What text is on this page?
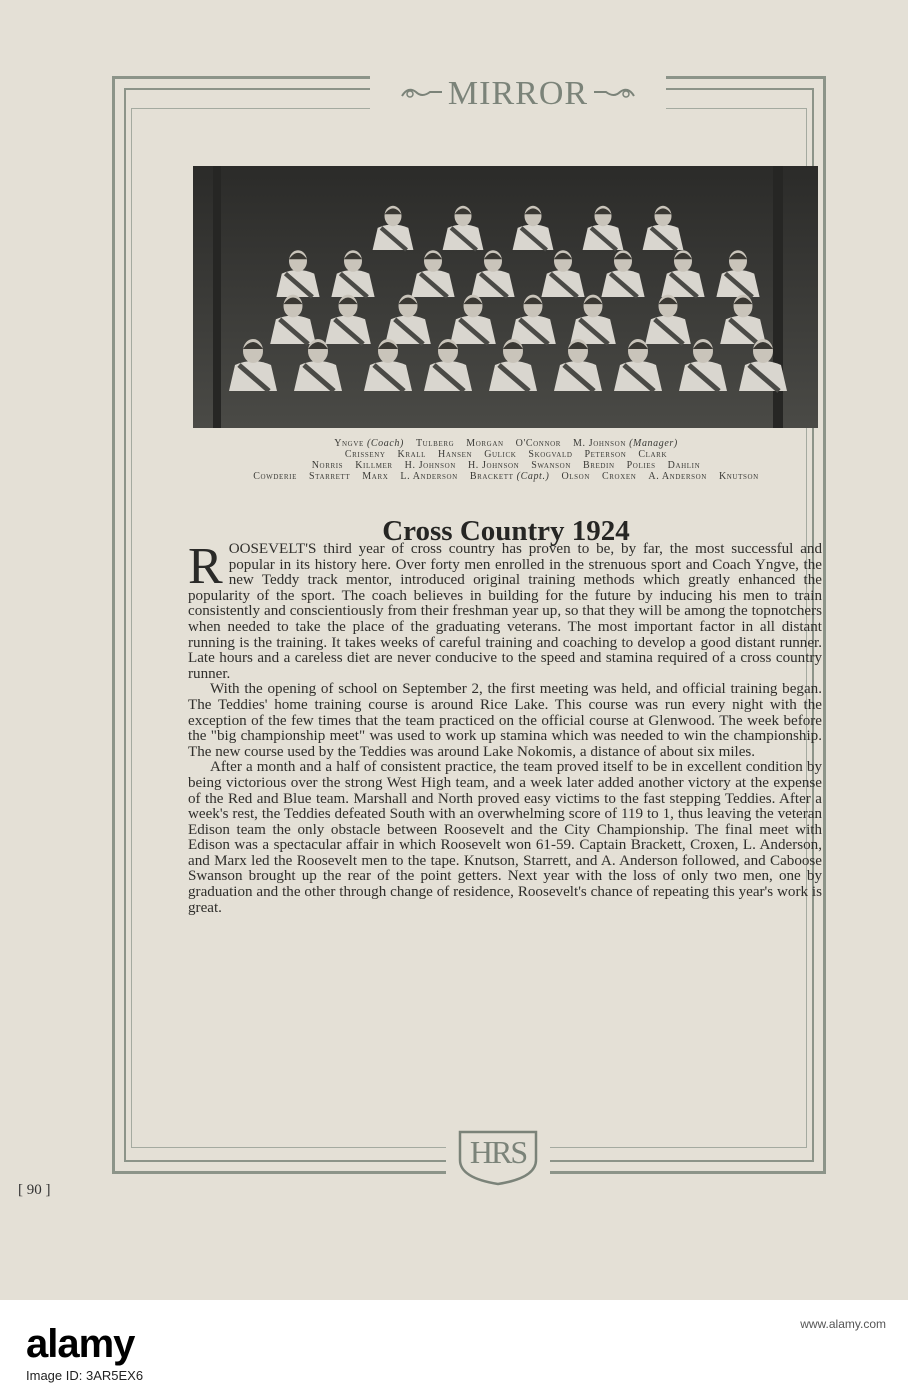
MIRROR
Yngve (Coach) Tulberg Morgan O'Connor M. Johnson (Manager)
Crisseny Krall Hansen Gulick Skogvald Peterson Clark
Norris Killmer H. Johnson H. Johnson Swanson Bredin Polies Dahlin
Cowderie Starrett Marx L. Anderson Brackett (Capt.) Olson Croxen A. Anderson Knutson
Cross Country 1924

ROOSEVELT'S third year of cross country has proven to be, by far, the most successful and popular in its history here. Over forty men enrolled in the strenuous sport and Coach Yngve, the new Teddy track mentor, introduced original training methods which greatly enhanced the popularity of the sport. The coach believes in building for the future by inducing his men to train consistently and conscientiously from their freshman year up, so that they will be among the topnotchers when needed to take the place of the graduating veterans. The most important factor in all distant running is the training. It takes weeks of careful training and coaching to develop a good distant runner. Late hours and a careless diet are never conducive to the speed and stamina required of a cross country runner.

With the opening of school on September 2, the first meeting was held, and official training began. The Teddies' home training course is around Rice Lake. This course was run every night with the exception of the few times that the team practiced on the official course at Glenwood. The week before the "big championship meet" was used to work up stamina which was needed to win the championship. The new course used by the Teddies was around Lake Nokomis, a distance of about six miles.

After a month and a half of consistent practice, the team proved itself to be in excellent condition by being victorious over the strong West High team, and a week later added another victory at the expense of the Red and Blue team. Marshall and North proved easy victims to the fast stepping Teddies. After a week's rest, the Teddies defeated South with an overwhelming score of 119 to 1, thus leaving the veteran Edison team the only obstacle between Roosevelt and the City Championship. The final meet with Edison was a spectacular affair in which Roosevelt won 61-59. Captain Brackett, Croxen, L. Anderson, and Marx led the Roosevelt men to the tape. Knutson, Starrett, and A. Anderson followed, and Caboose Swanson brought up the rear of the point getters. Next year with the loss of only two men, one by graduation and the other through change of residence, Roosevelt's chance of repeating this year's work is great.

HRS
[ 90 ]
alamy
Image ID: 3AR5EX6
www.alamy.com
